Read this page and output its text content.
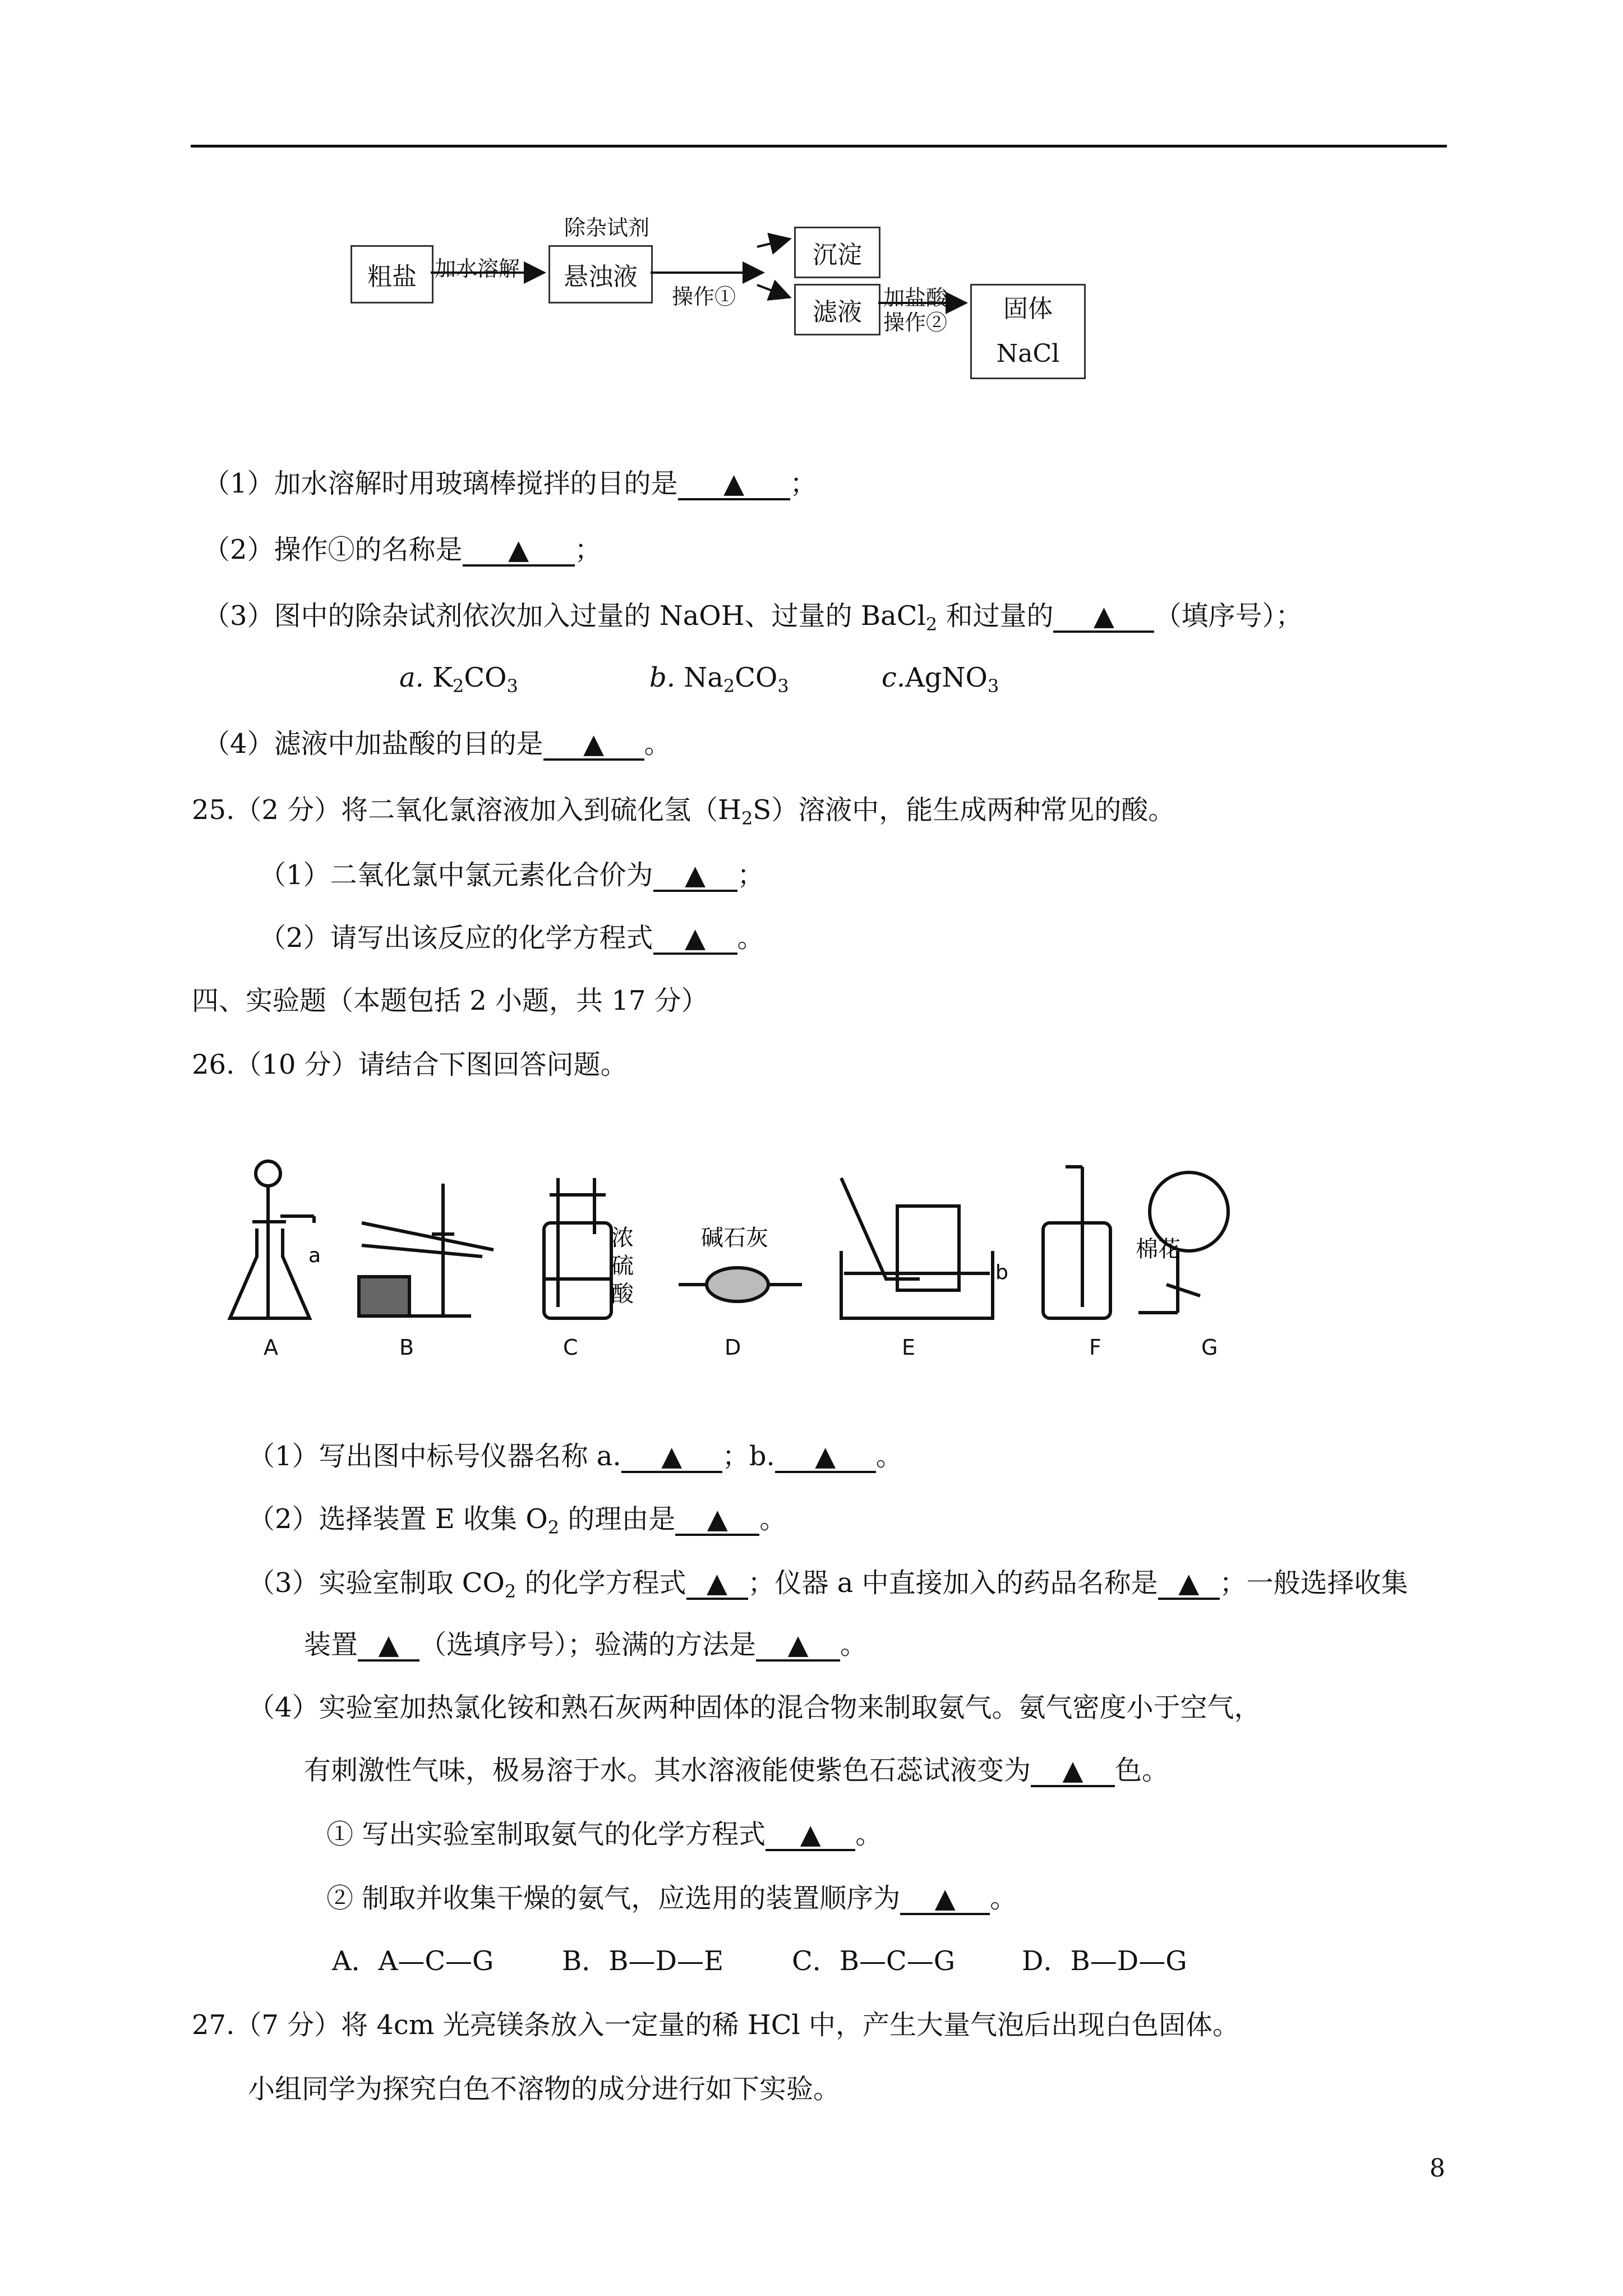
粗盐 加水溶解	悬浊液
除杂试剂
操作①
沉淀
滤液	加盐酸
操作② 固体
NaCl
（1）加水溶解时用玻璃棒搅拌的目的是 ▲ ；
（2）操作①的名称是 ▲ ；
（3）图中的除杂试剂依次加入过量的 NaOH、过量的 BaCl$_2$ 和过量的 ▲ （填序号）；
a. $K_2CO_3$	b. $Na_2CO_3$	c.AgNO$_3$
（4）滤液中加盐酸的目的是 ▲ 。
25.（2 分）将二氧化氯溶液加入到硫化氢$(H_2S)$溶液中，能生成两种常见的酸。
（1）二氧化氯中氯元素化合价为 ▲ ；
（2）请写出该反应的化学方程式 ▲ 。
四、实验题（本题包括 2 小题，共 17 分）
26.（10 分）请结合下图回答问题。
a
b
浓
硫
酸
碱石灰	棉花
A	B	C	D	E	F	G
（1）写出图中标号仪器名称 a. ▲ ；b. ▲ 。
（2）选择装置 E 收集 $O_2$ 的理由是 ▲ 。
（3）实验室制取 $CO_2$ 的化学方程式 ▲ ；仪器 a 中直接加入的药品名称是 ▲ ；一般选择收集
装置 ▲ （选填序号）；验满的方法是 ▲ 。
（4）实验室加热氯化铵和熟石灰两种固体的混合物来制取氨气。氨气密度小于空气，
有刺激性气味，极易溶于水。其水溶液能使紫色石蕊试液变为 ▲ 色。
① 写出实验室制取氨气的化学方程式 ▲ 。
② 制取并收集干燥的氨气，应选用的装置顺序为 ▲ 。
A．A—C—G	B．B—D—E	C．B—C—G D．B—D—G
27.（7 分）将 4cm 光亮镁条放入一定量的稀 HCl 中，产生大量气泡后出现白色固体。
小组同学为探究白色不溶物的成分进行如下实验。
8
